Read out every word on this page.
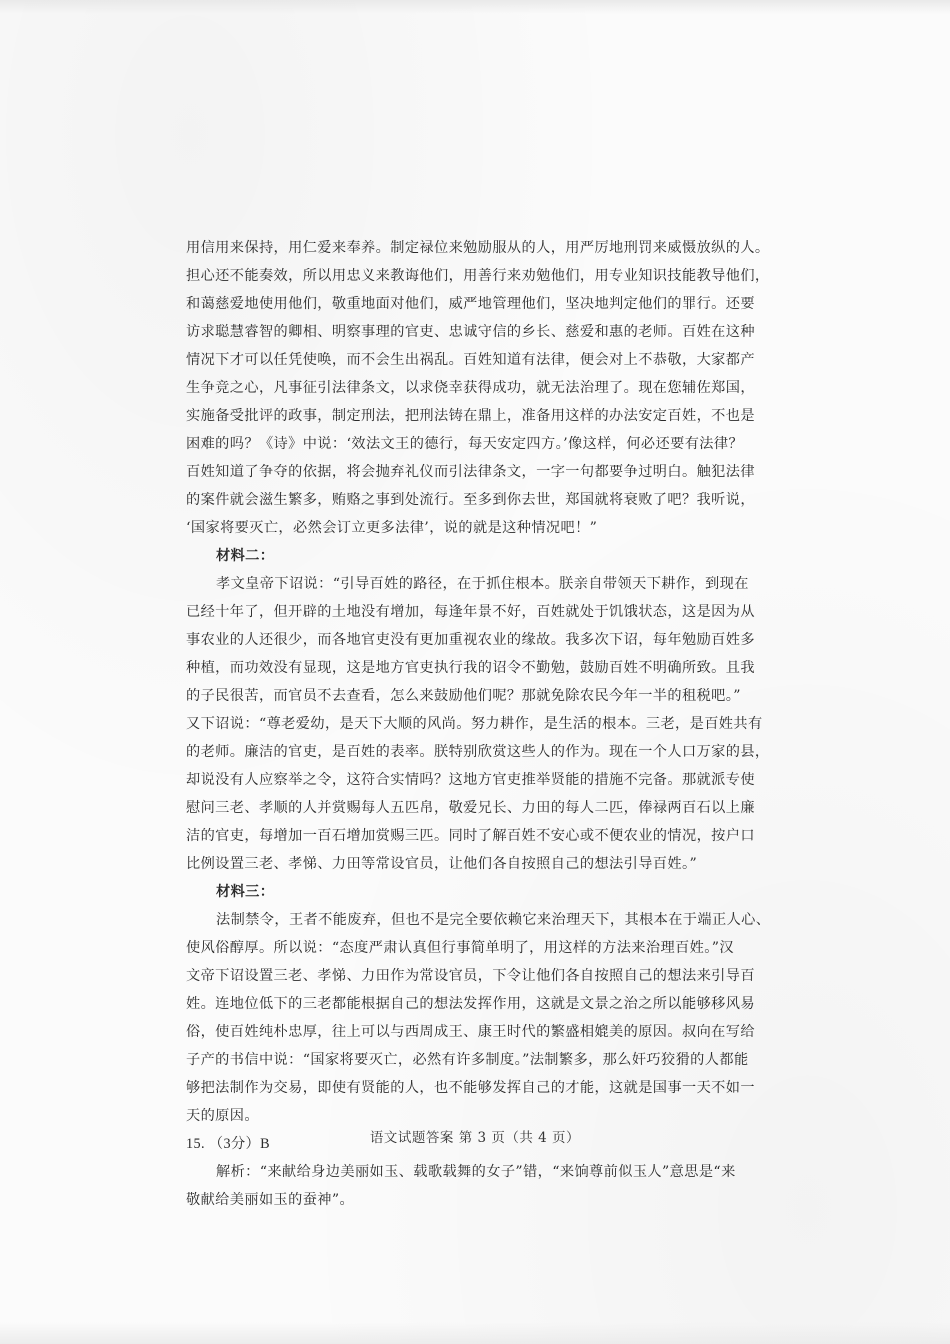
用信用来保持，用仁爱来奉养。制定禄位来勉励服从的人，用严厉地刑罚来威慑放纵的人。
担心还不能奏效，所以用忠义来教诲他们，用善行来劝勉他们，用专业知识技能教导他们，
和蔼慈爱地使用他们，敬重地面对他们，威严地管理他们，坚决地判定他们的罪行。还要
访求聪慧睿智的卿相、明察事理的官吏、忠诚守信的乡长、慈爱和惠的老师。百姓在这种
情况下才可以任凭使唤，而不会生出祸乱。百姓知道有法律，便会对上不恭敬，大家都产
生争竞之心，凡事征引法律条文，以求侥幸获得成功，就无法治理了。现在您辅佐郑国，
实施备受批评的政事，制定刑法，把刑法铸在鼎上，准备用这样的办法安定百姓，不也是
困难的吗？《诗》中说：‘效法文王的德行，每天安定四方。’像这样，何必还要有法律？
百姓知道了争夺的依据，将会抛弃礼仪而引法律条文，一字一句都要争过明白。触犯法律
的案件就会滋生繁多，贿赂之事到处流行。至多到你去世，郑国就将衰败了吧？我听说，
‘国家将要灭亡，必然会订立更多法律’，说的就是这种情况吧！”
材料二：
孝文皇帝下诏说：“引导百姓的路径，在于抓住根本。朕亲自带领天下耕作，到现在
已经十年了，但开辟的土地没有增加，每逢年景不好，百姓就处于饥饿状态，这是因为从
事农业的人还很少，而各地官吏没有更加重视农业的缘故。我多次下诏，每年勉励百姓多
种植，而功效没有显现，这是地方官吏执行我的诏令不勤勉，鼓励百姓不明确所致。且我
的子民很苦，而官员不去查看，怎么来鼓励他们呢？那就免除农民今年一半的租税吧。”
又下诏说：“尊老爱幼，是天下大顺的风尚。努力耕作，是生活的根本。三老，是百姓共有
的老师。廉洁的官吏，是百姓的表率。朕特别欣赏这些人的作为。现在一个人口万家的县，
却说没有人应察举之令，这符合实情吗？这地方官吏推举贤能的措施不完备。那就派专使
慰问三老、孝顺的人并赏赐每人五匹帛，敬爱兄长、力田的每人二匹，俸禄两百石以上廉
洁的官吏，每增加一百石增加赏赐三匹。同时了解百姓不安心或不便农业的情况，按户口
比例设置三老、孝悌、力田等常设官员，让他们各自按照自己的想法引导百姓。”
材料三：
法制禁令，王者不能废弃，但也不是完全要依赖它来治理天下，其根本在于端正人心、
使风俗醇厚。所以说：“态度严肃认真但行事简单明了，用这样的方法来治理百姓。”汉
文帝下诏设置三老、孝悌、力田作为常设官员，下令让他们各自按照自己的想法来引导百
姓。连地位低下的三老都能根据自己的想法发挥作用，这就是文景之治之所以能够移风易
俗，使百姓纯朴忠厚，往上可以与西周成王、康王时代的繁盛相媲美的原因。叔向在写给
子产的书信中说：“国家将要灭亡，必然有许多制度。”法制繁多，那么奸巧狡猾的人都能
够把法制作为交易，即使有贤能的人，也不能够发挥自己的才能，这就是国事一天不如一
天的原因。
15. （3分）B
解析：“来献给身边美丽如玉、载歌载舞的女子”错，“来饷尊前似玉人”意思是“来
敬献给美丽如玉的蚕神”。
语文试题答案 第 3 页（共 4 页）
